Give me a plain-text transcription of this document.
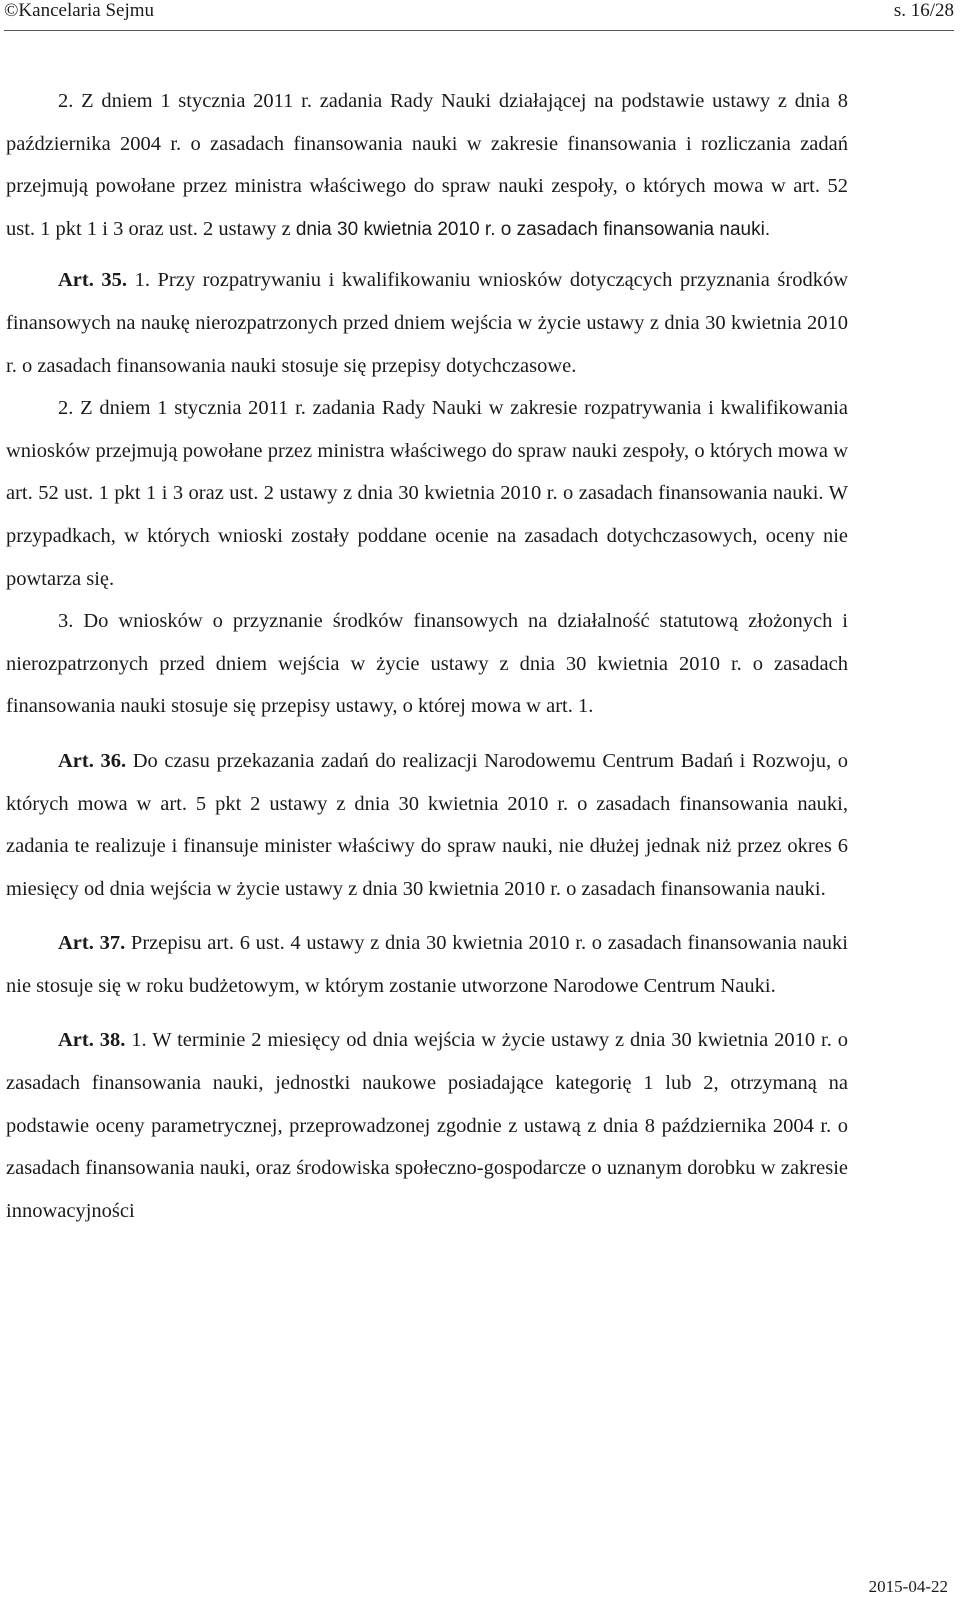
©Kancelaria Sejmu	s. 16/28

2. Z dniem 1 stycznia 2011 r. zadania Rady Nauki działającej na podstawie ustawy z dnia 8 października 2004 r. o zasadach finansowania nauki w zakresie finansowania i rozliczania zadań przejmują powołane przez ministra właściwego do spraw nauki zespoły, o których mowa w art. 52 ust. 1 pkt 1 i 3 oraz ust. 2 ustawy z dnia 30 kwietnia 2010 r. o zasadach finansowania nauki.

Art. 35. 1. Przy rozpatrywaniu i kwalifikowaniu wniosków dotyczących przyznania środków finansowych na naukę nierozpatrzonych przed dniem wejścia w życie ustawy z dnia 30 kwietnia 2010 r. o zasadach finansowania nauki stosuje się przepisy dotychczasowe.

2. Z dniem 1 stycznia 2011 r. zadania Rady Nauki w zakresie rozpatrywania i kwalifikowania wniosków przejmują powołane przez ministra właściwego do spraw nauki zespoły, o których mowa w art. 52 ust. 1 pkt 1 i 3 oraz ust. 2 ustawy z dnia 30 kwietnia 2010 r. o zasadach finansowania nauki. W przypadkach, w których wnioski zostały poddane ocenie na zasadach dotychczasowych, oceny nie powtarza się.

3. Do wniosków o przyznanie środków finansowych na działalność statutową złożonych i nierozpatrzonych przed dniem wejścia w życie ustawy z dnia 30 kwietnia 2010 r. o zasadach finansowania nauki stosuje się przepisy ustawy, o której mowa w art. 1.

Art. 36. Do czasu przekazania zadań do realizacji Narodowemu Centrum Badań i Rozwoju, o których mowa w art. 5 pkt 2 ustawy z dnia 30 kwietnia 2010 r. o zasadach finansowania nauki, zadania te realizuje i finansuje minister właściwy do spraw nauki, nie dłużej jednak niż przez okres 6 miesięcy od dnia wejścia w życie ustawy z dnia 30 kwietnia 2010 r. o zasadach finansowania nauki.

Art. 37. Przepisu art. 6 ust. 4 ustawy z dnia 30 kwietnia 2010 r. o zasadach finansowania nauki nie stosuje się w roku budżetowym, w którym zostanie utworzone Narodowe Centrum Nauki.

Art. 38. 1. W terminie 2 miesięcy od dnia wejścia w życie ustawy z dnia 30 kwietnia 2010 r. o zasadach finansowania nauki, jednostki naukowe posiadające kategorię 1 lub 2, otrzymaną na podstawie oceny parametrycznej, przeprowadzonej zgodnie z ustawą z dnia 8 października 2004 r. o zasadach finansowania nauki, oraz środowiska społeczno-gospodarcze o uznanym dorobku w zakresie innowacyjności

2015-04-22
